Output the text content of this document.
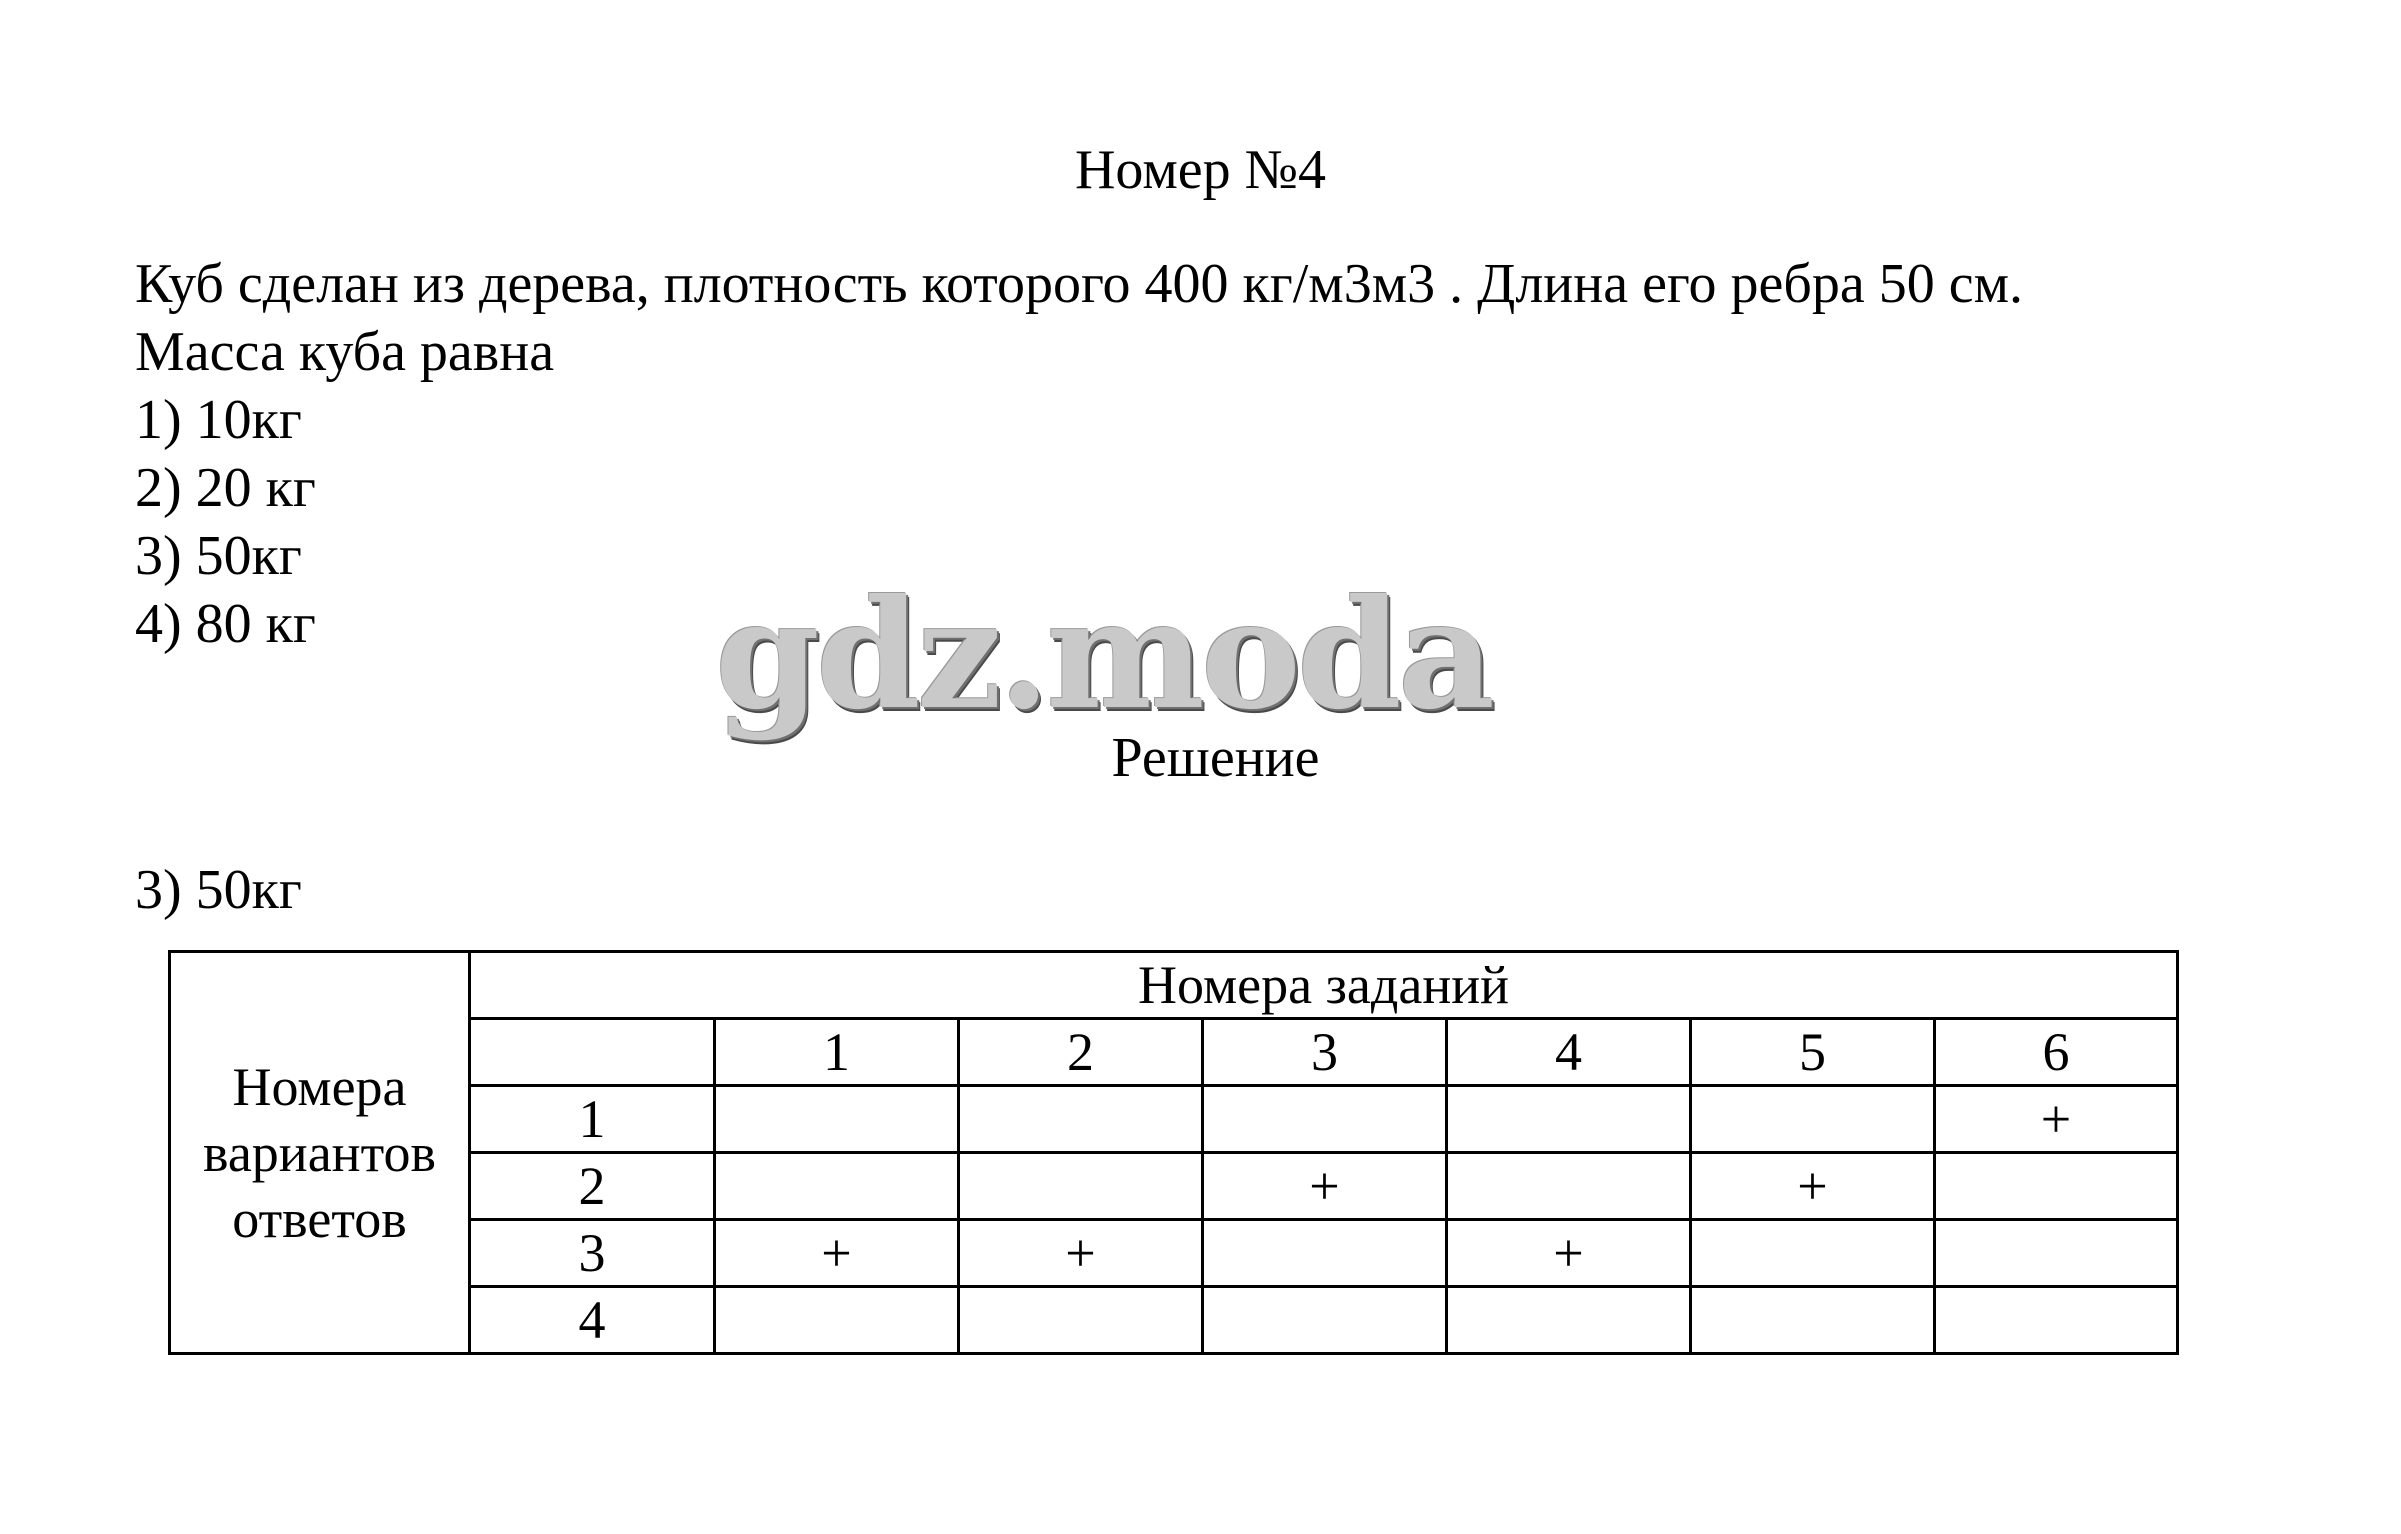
Номер №4

Куб сделан из дерева, плотность которого 400 кг/м3м3 . Длина его ребра 50 см.

Масса куба равна

1) 10кг

2) 20 кг

3) 50кг

4) 80 кг	gdz.moda
Решение
3) 50кг
Номера
вариантов
ответов	Номера заданий						
		1	2	3	4	5	6
	1						+
	2			+		+	
	3	+	+		+		
	4						
